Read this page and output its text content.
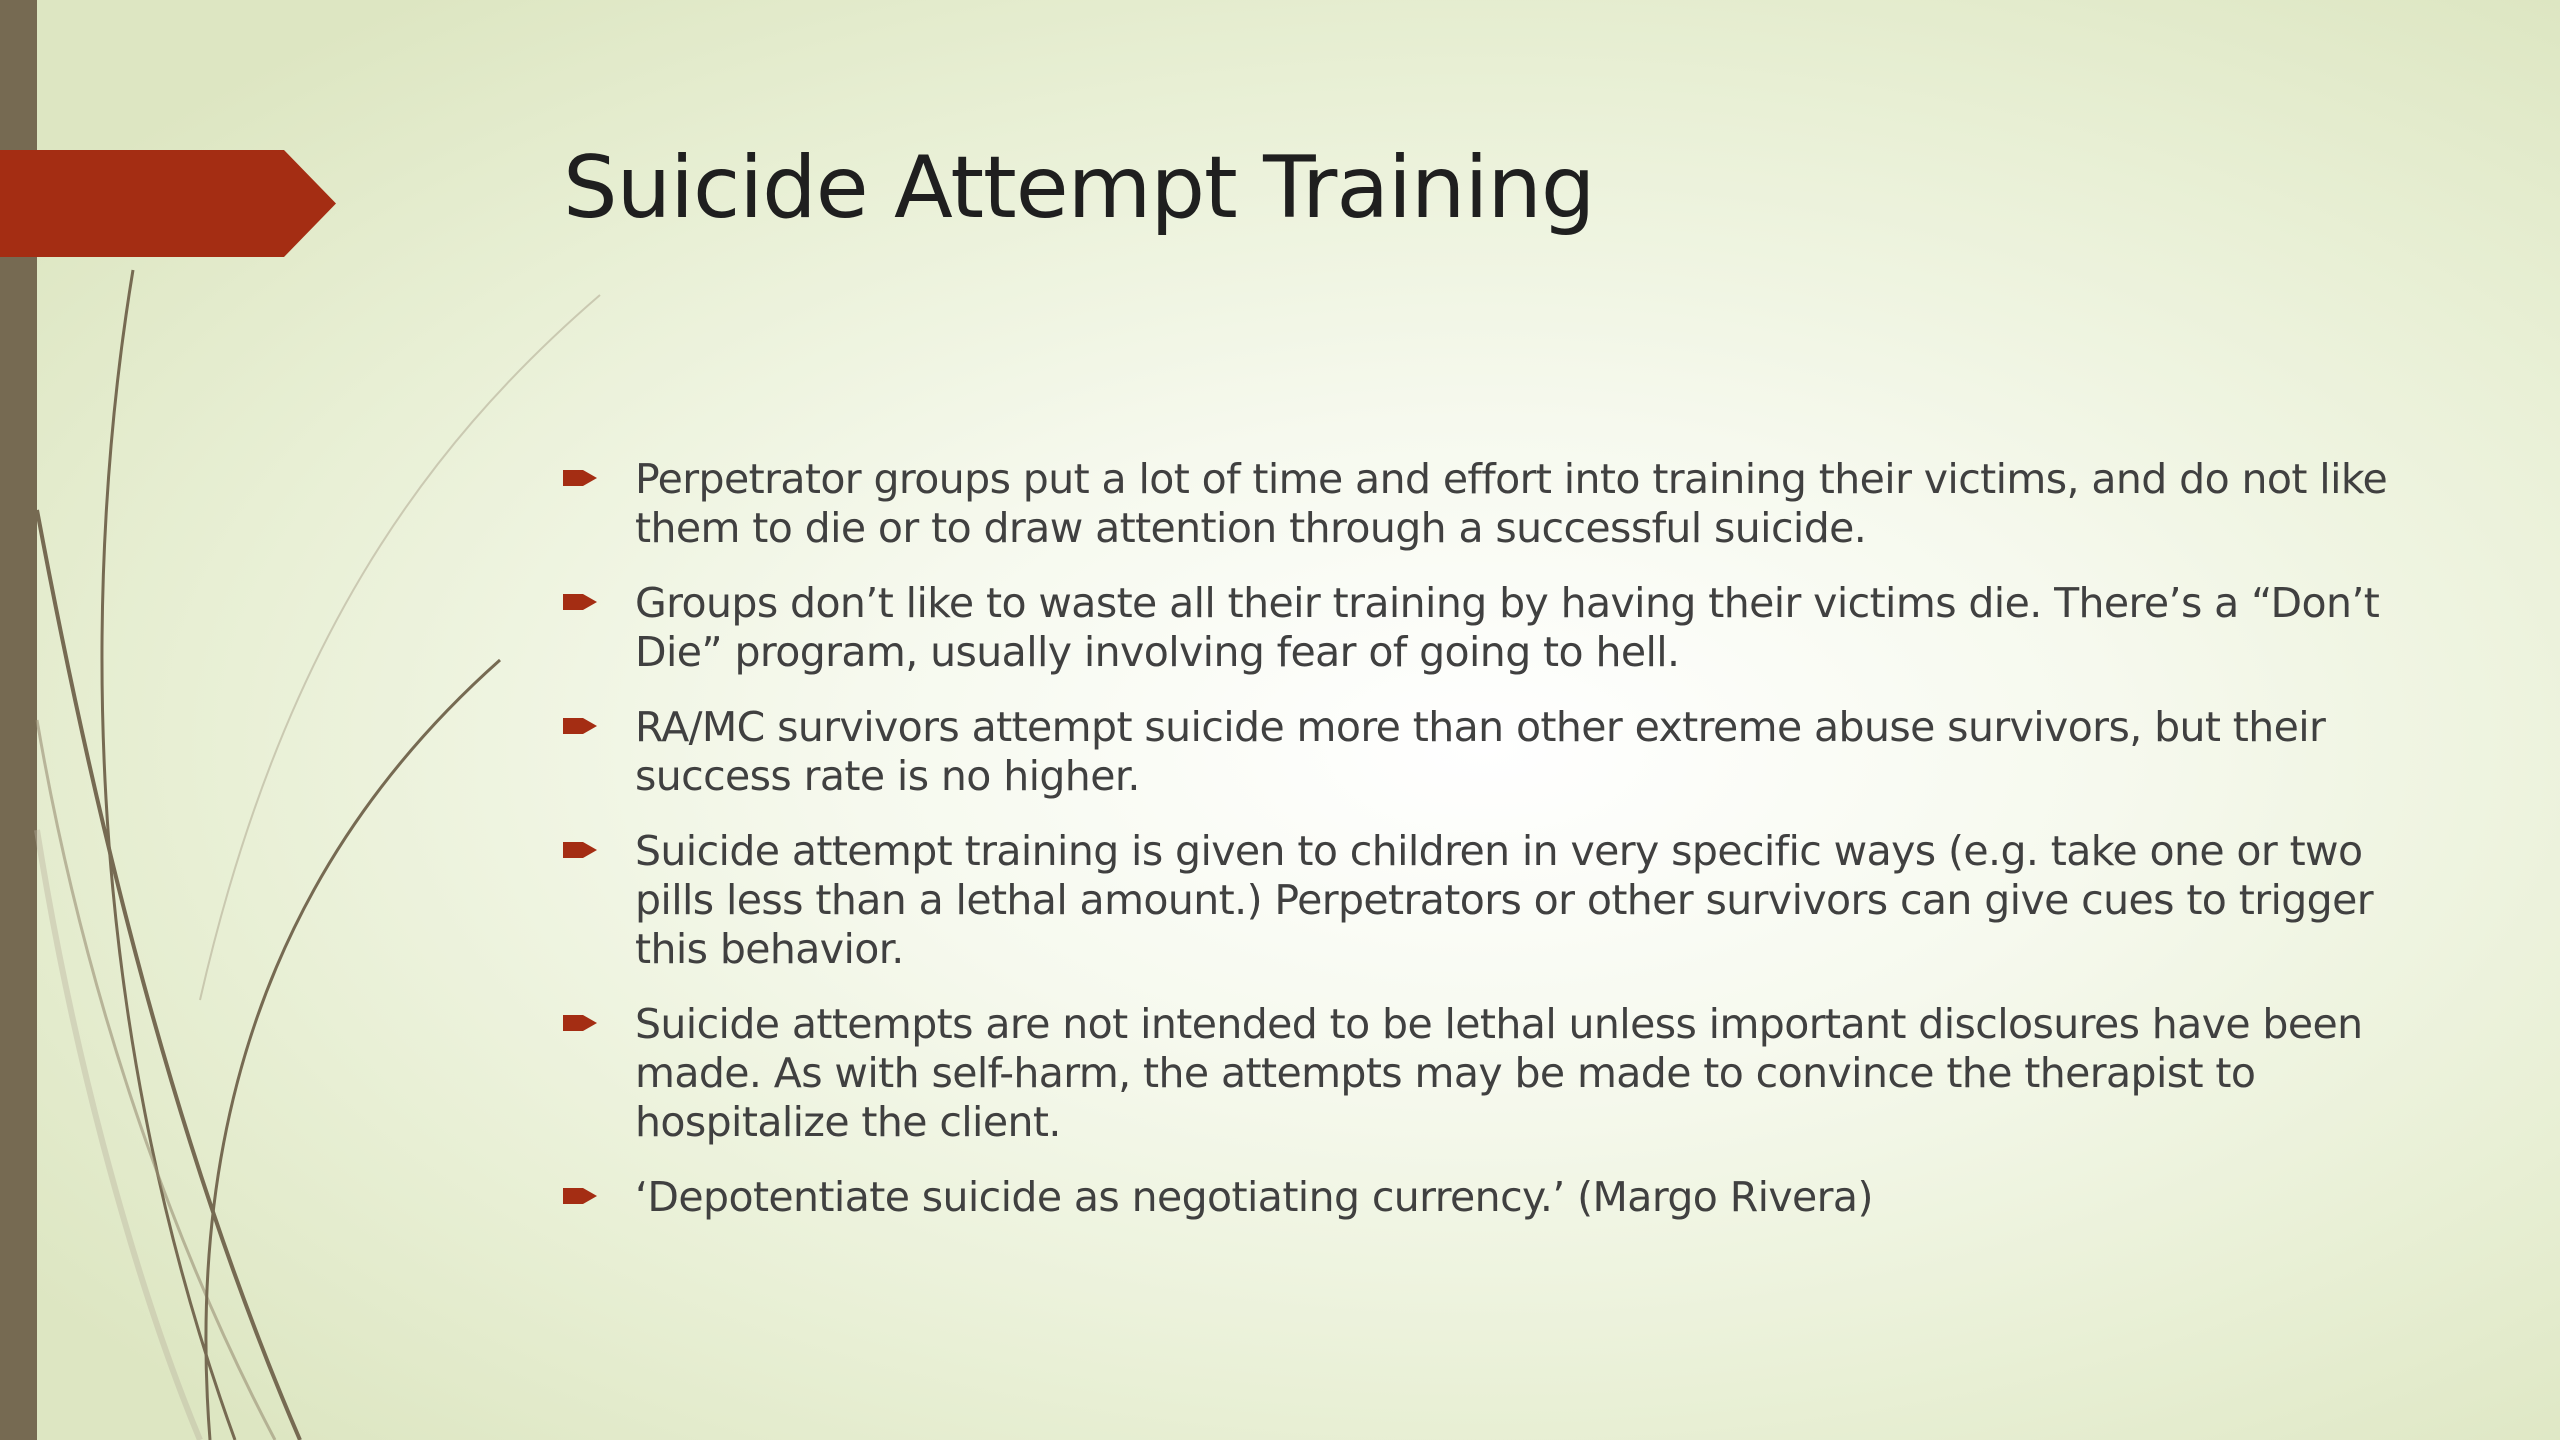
Suicide Attempt Training
Perpetrator groups put a lot of time and effort into training their victims, and do not like them to die or to draw attention through a successful suicide.
Groups don’t like to waste all their training by having their victims die. There’s a “Don’t Die” program, usually involving fear of going to hell.
RA/MC survivors attempt suicide more than other extreme abuse survivors, but their success rate is no higher.
Suicide attempt training is given to children in very specific ways (e.g. take one or two pills less than a lethal amount.) Perpetrators or other survivors can give cues to trigger this behavior.
Suicide attempts are not intended to be lethal unless important disclosures have been made. As with self-harm, the attempts may be made to convince the therapist to hospitalize the client.
‘Depotentiate suicide as negotiating currency.’ (Margo Rivera)
